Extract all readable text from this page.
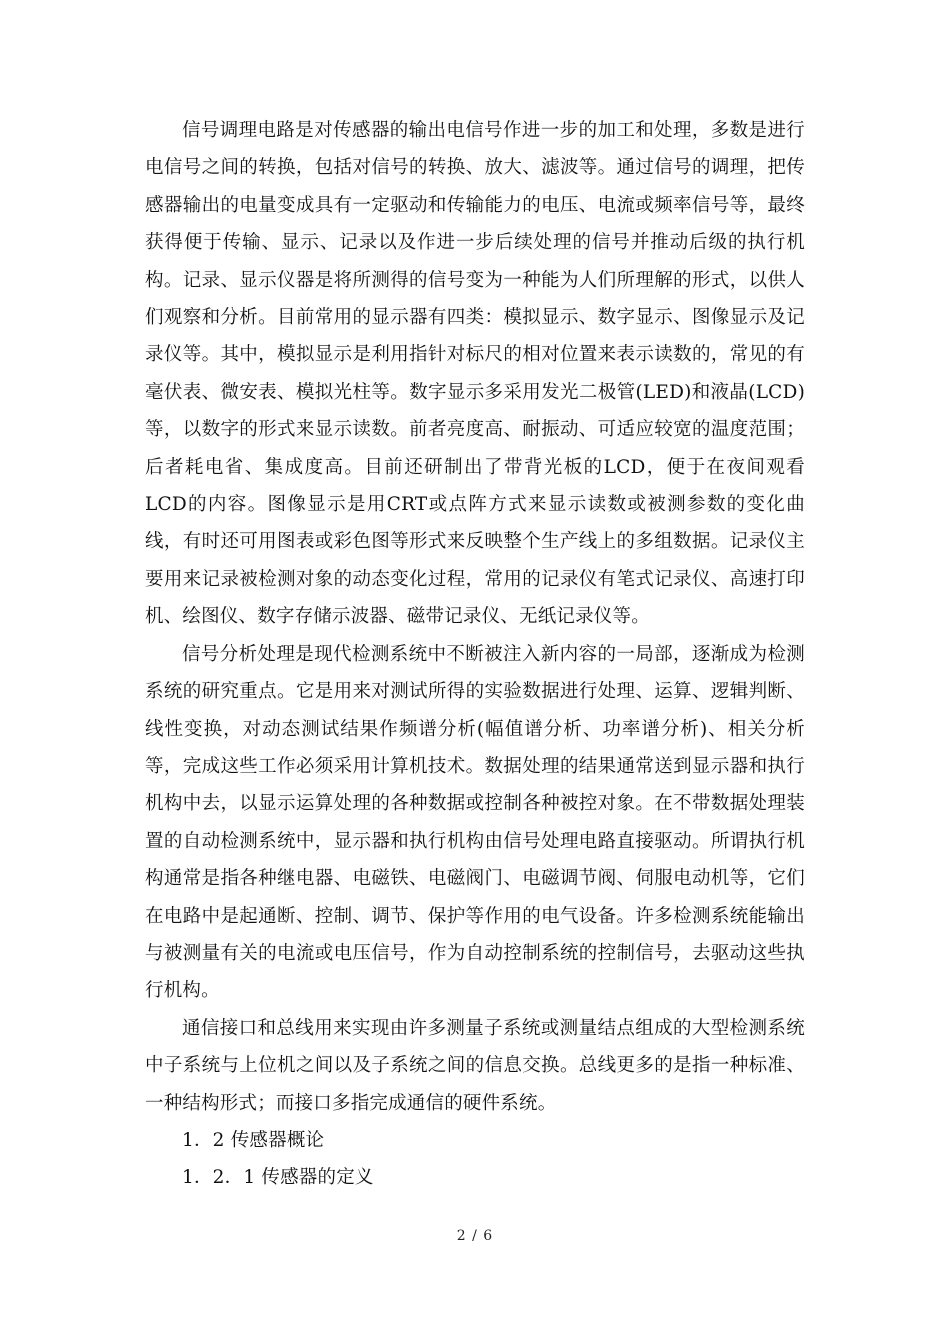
信号调理电路是对传感器的输出电信号作进一步的加工和处理，多数是进行电信号之间的转换，包括对信号的转换、放大、滤波等。通过信号的调理，把传感器输出的电量变成具有一定驱动和传输能力的电压、电流或频率信号等，最终获得便于传输、显示、记录以及作进一步后续处理的信号并推动后级的执行机构。记录、显示仪器是将所测得的信号变为一种能为人们所理解的形式，以供人们观察和分析。目前常用的显示器有四类：模拟显示、数字显示、图像显示及记录仪等。其中，模拟显示是利用指针对标尺的相对位置来表示读数的，常见的有毫伏表、微安表、模拟光柱等。数字显示多采用发光二极管(LED)和液晶(LCD)等，以数字的形式来显示读数。前者亮度高、耐振动、可适应较宽的温度范围；后者耗电省、集成度高。目前还研制出了带背光板的LCD，便于在夜间观看LCD的内容。图像显示是用CRT或点阵方式来显示读数或被测参数的变化曲线，有时还可用图表或彩色图等形式来反映整个生产线上的多组数据。记录仪主要用来记录被检测对象的动态变化过程，常用的记录仪有笔式记录仪、高速打印机、绘图仪、数字存储示波器、磁带记录仪、无纸记录仪等。

信号分析处理是现代检测系统中不断被注入新内容的一局部，逐渐成为检测系统的研究重点。它是用来对测试所得的实验数据进行处理、运算、逻辑判断、线性变换，对动态测试结果作频谱分析(幅值谱分析、功率谱分析)、相关分析等，完成这些工作必须采用计算机技术。数据处理的结果通常送到显示器和执行机构中去，以显示运算处理的各种数据或控制各种被控对象。在不带数据处理装置的自动检测系统中，显示器和执行机构由信号处理电路直接驱动。所谓执行机构通常是指各种继电器、电磁铁、电磁阀门、电磁调节阀、伺服电动机等，它们在电路中是起通断、控制、调节、保护等作用的电气设备。许多检测系统能输出与被测量有关的电流或电压信号，作为自动控制系统的控制信号，去驱动这些执行机构。

通信接口和总线用来实现由许多测量子系统或测量结点组成的大型检测系统中子系统与上位机之间以及子系统之间的信息交换。总线更多的是指一种标准、一种结构形式；而接口多指完成通信的硬件系统。

1．2 传感器概论

1．2．1 传感器的定义

2 / 6
